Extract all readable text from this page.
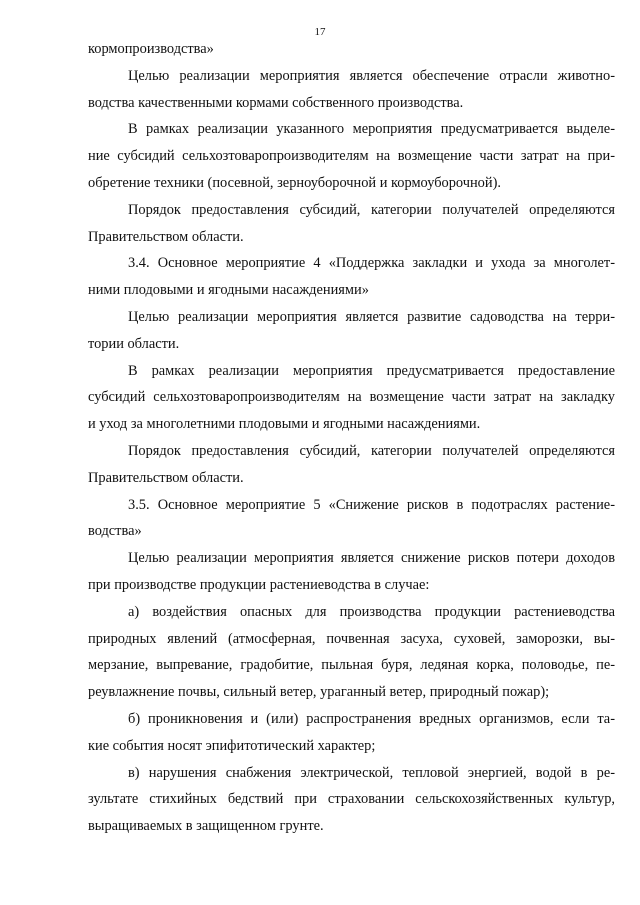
17
кормопроизводства»
Целью реализации мероприятия является обеспечение отрасли животно-
водства качественными кормами собственного производства.
В рамках реализации указанного мероприятия предусматривается выделе-
ние субсидий сельхозтоваропроизводителям на возмещение части затрат на при-
обретение техники (посевной, зерноуборочной и кормоуборочной).
Порядок предоставления субсидий, категории получателей определяются
Правительством области.
3.4. Основное мероприятие 4 «Поддержка закладки и ухода за многолет-
ними плодовыми и ягодными насаждениями»
Целью реализации мероприятия является развитие садоводства на терри-
тории области.
В рамках реализации мероприятия предусматривается предоставление
субсидий сельхозтоваропроизводителям на возмещение части затрат на закладку
и уход за многолетними плодовыми и ягодными насаждениями.
Порядок предоставления субсидий, категории получателей определяются
Правительством области.
3.5. Основное мероприятие 5 «Снижение рисков в подотраслях растение-
водства»
Целью реализации мероприятия является снижение рисков потери доходов
при производстве продукции растениеводства в случае:
а) воздействия опасных для производства продукции растениеводства
природных явлений (атмосферная, почвенная засуха, суховей, заморозки, вы-
мерзание, выпревание, градобитие, пыльная буря, ледяная корка, половодье, пе-
реувлажнение почвы, сильный ветер, ураганный ветер, природный пожар);
б) проникновения и (или) распространения вредных организмов, если та-
кие события носят эпифитотический характер;
в) нарушения снабжения электрической, тепловой энергией, водой в ре-
зультате стихийных бедствий при страховании сельскохозяйственных культур,
выращиваемых в защищенном грунте.
